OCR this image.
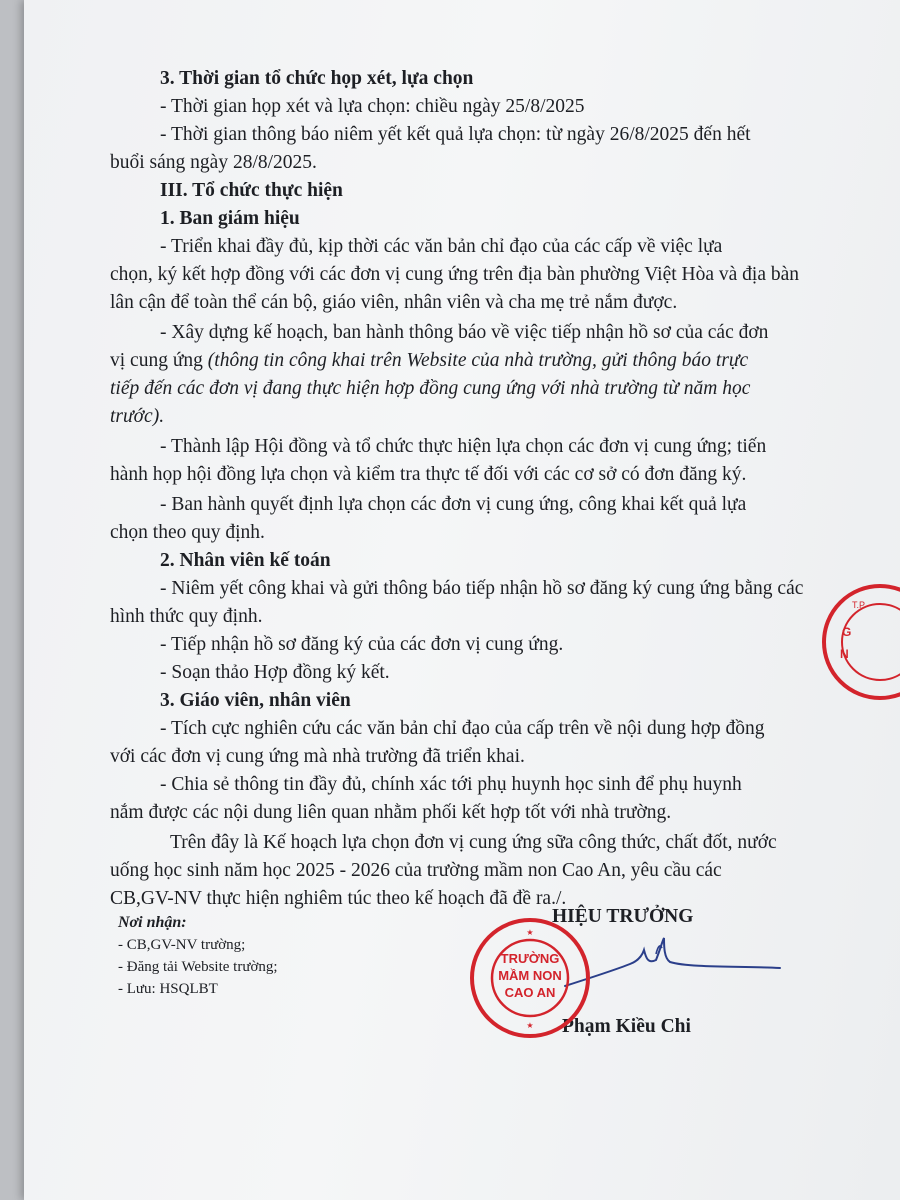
3. Thời gian tổ chức họp xét, lựa chọn

- Thời gian họp xét và lựa chọn: chiều ngày 25/8/2025

- Thời gian thông báo niêm yết kết quả lựa chọn: từ ngày 26/8/2025 đến hết

buổi sáng ngày 28/8/2025.

III. Tổ chức thực hiện

1. Ban giám hiệu

- Triển khai đầy đủ, kịp thời các văn bản chỉ đạo của các cấp về việc lựa

chọn, ký kết hợp đồng với các đơn vị cung ứng trên địa bàn phường Việt Hòa và địa bàn

lân cận để toàn thể cán bộ, giáo viên, nhân viên và cha mẹ trẻ nắm được.

- Xây dựng kế hoạch, ban hành thông báo về việc tiếp nhận hồ sơ của các đơn

vị cung ứng (thông tin công khai trên Website của nhà trường, gửi thông báo trực

tiếp đến các đơn vị đang thực hiện hợp đồng cung ứng với nhà trường từ năm học

trước).

- Thành lập Hội đồng và tổ chức thực hiện lựa chọn các đơn vị cung ứng; tiến

hành họp hội đồng lựa chọn và kiểm tra thực tế đối với các cơ sở có đơn đăng ký.

- Ban hành quyết định lựa chọn các đơn vị cung ứng, công khai kết quả lựa

chọn theo quy định.

2. Nhân viên kế toán

- Niêm yết công khai và gửi thông báo tiếp nhận hồ sơ đăng ký cung ứng bằng các

hình thức quy định.

- Tiếp nhận hồ sơ đăng ký của các đơn vị cung ứng.

- Soạn thảo Hợp đồng ký kết.

3. Giáo viên, nhân viên

- Tích cực nghiên cứu các văn bản chỉ đạo của cấp trên về nội dung hợp đồng

với các đơn vị cung ứng mà nhà trường đã triển khai.

- Chia sẻ thông tin đầy đủ, chính xác tới phụ huynh học sinh để phụ huynh

nắm được các nội dung liên quan nhằm phối kết hợp tốt với nhà trường.

Trên đây là Kế hoạch lựa chọn đơn vị cung ứng sữa công thức, chất đốt, nước

uống học sinh năm học 2025 - 2026 của trường mầm non Cao An, yêu cầu các

CB,GV-NV thực hiện nghiêm túc theo kế hoạch đã đề ra./.

Nơi nhận:

- CB,GV-NV trường;

- Đăng tải Website trường;

- Lưu: HSQLBT

HIỆU TRƯỞNG

Phạm Kiều Chi

★
★
TRƯỜNG
MẦM NON
CAO AN
G
N
T.P
